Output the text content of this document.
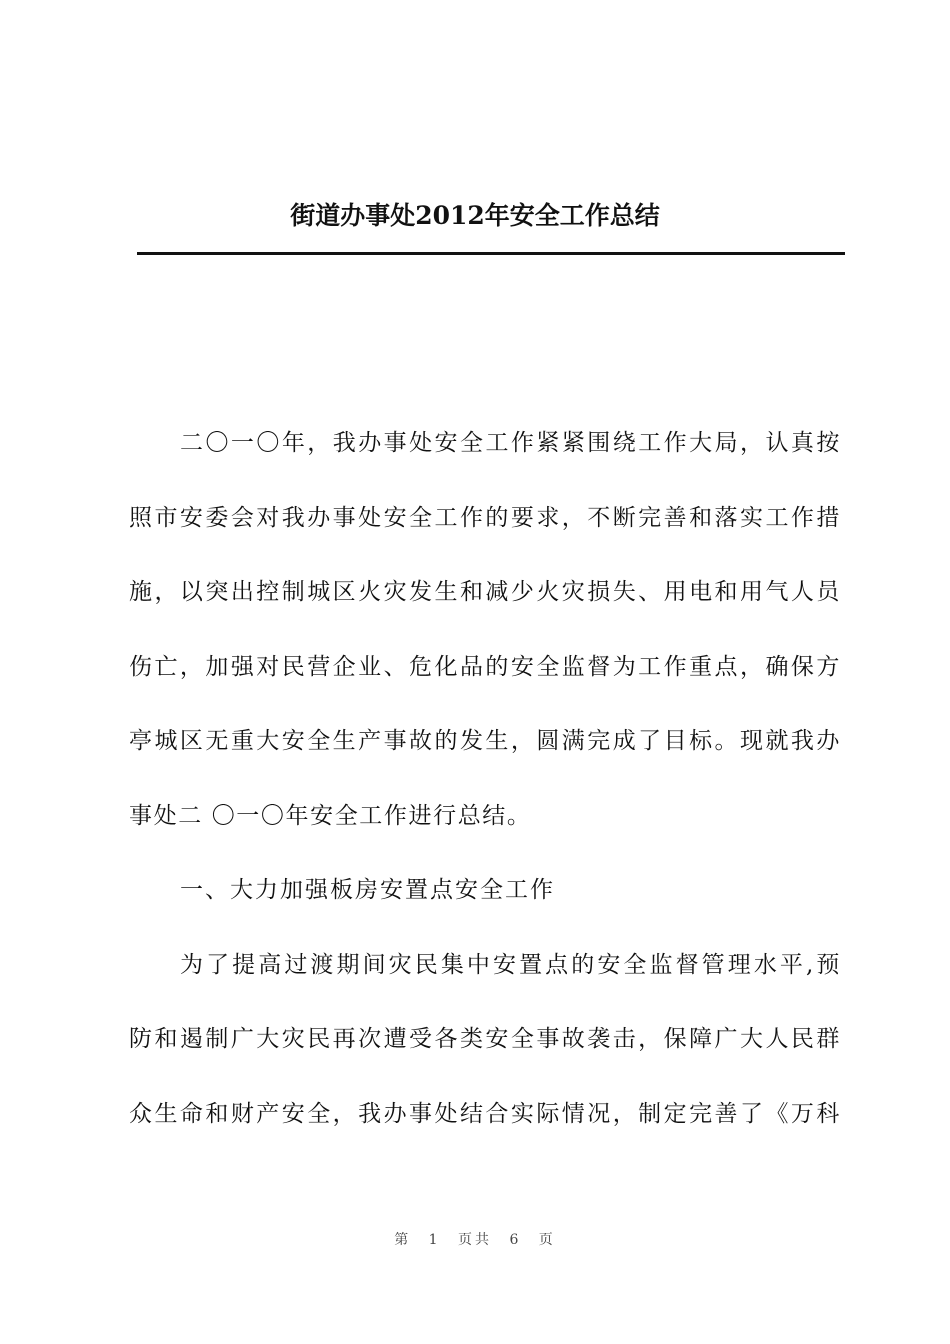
街道办事处2012年安全工作总结
二〇一〇年，我办事处安全工作紧紧围绕工作大局，认真按
照市安委会对我办事处安全工作的要求，不断完善和落实工作措
施，以突出控制城区火灾发生和减少火灾损失、用电和用气人员
伤亡，加强对民营企业、危化品的安全监督为工作重点，确保方
亭城区无重大安全生产事故的发生，圆满完成了目标。现就我办
事处二 〇一〇年安全工作进行总结。
一、大力加强板房安置点安全工作
为了提高过渡期间灾民集中安置点的安全监督管理水平,预
防和遏制广大灾民再次遭受各类安全事故袭击，保障广大人民群
众生命和财产安全，我办事处结合实际情况，制定完善了《万科
第 1 页共 6 页
